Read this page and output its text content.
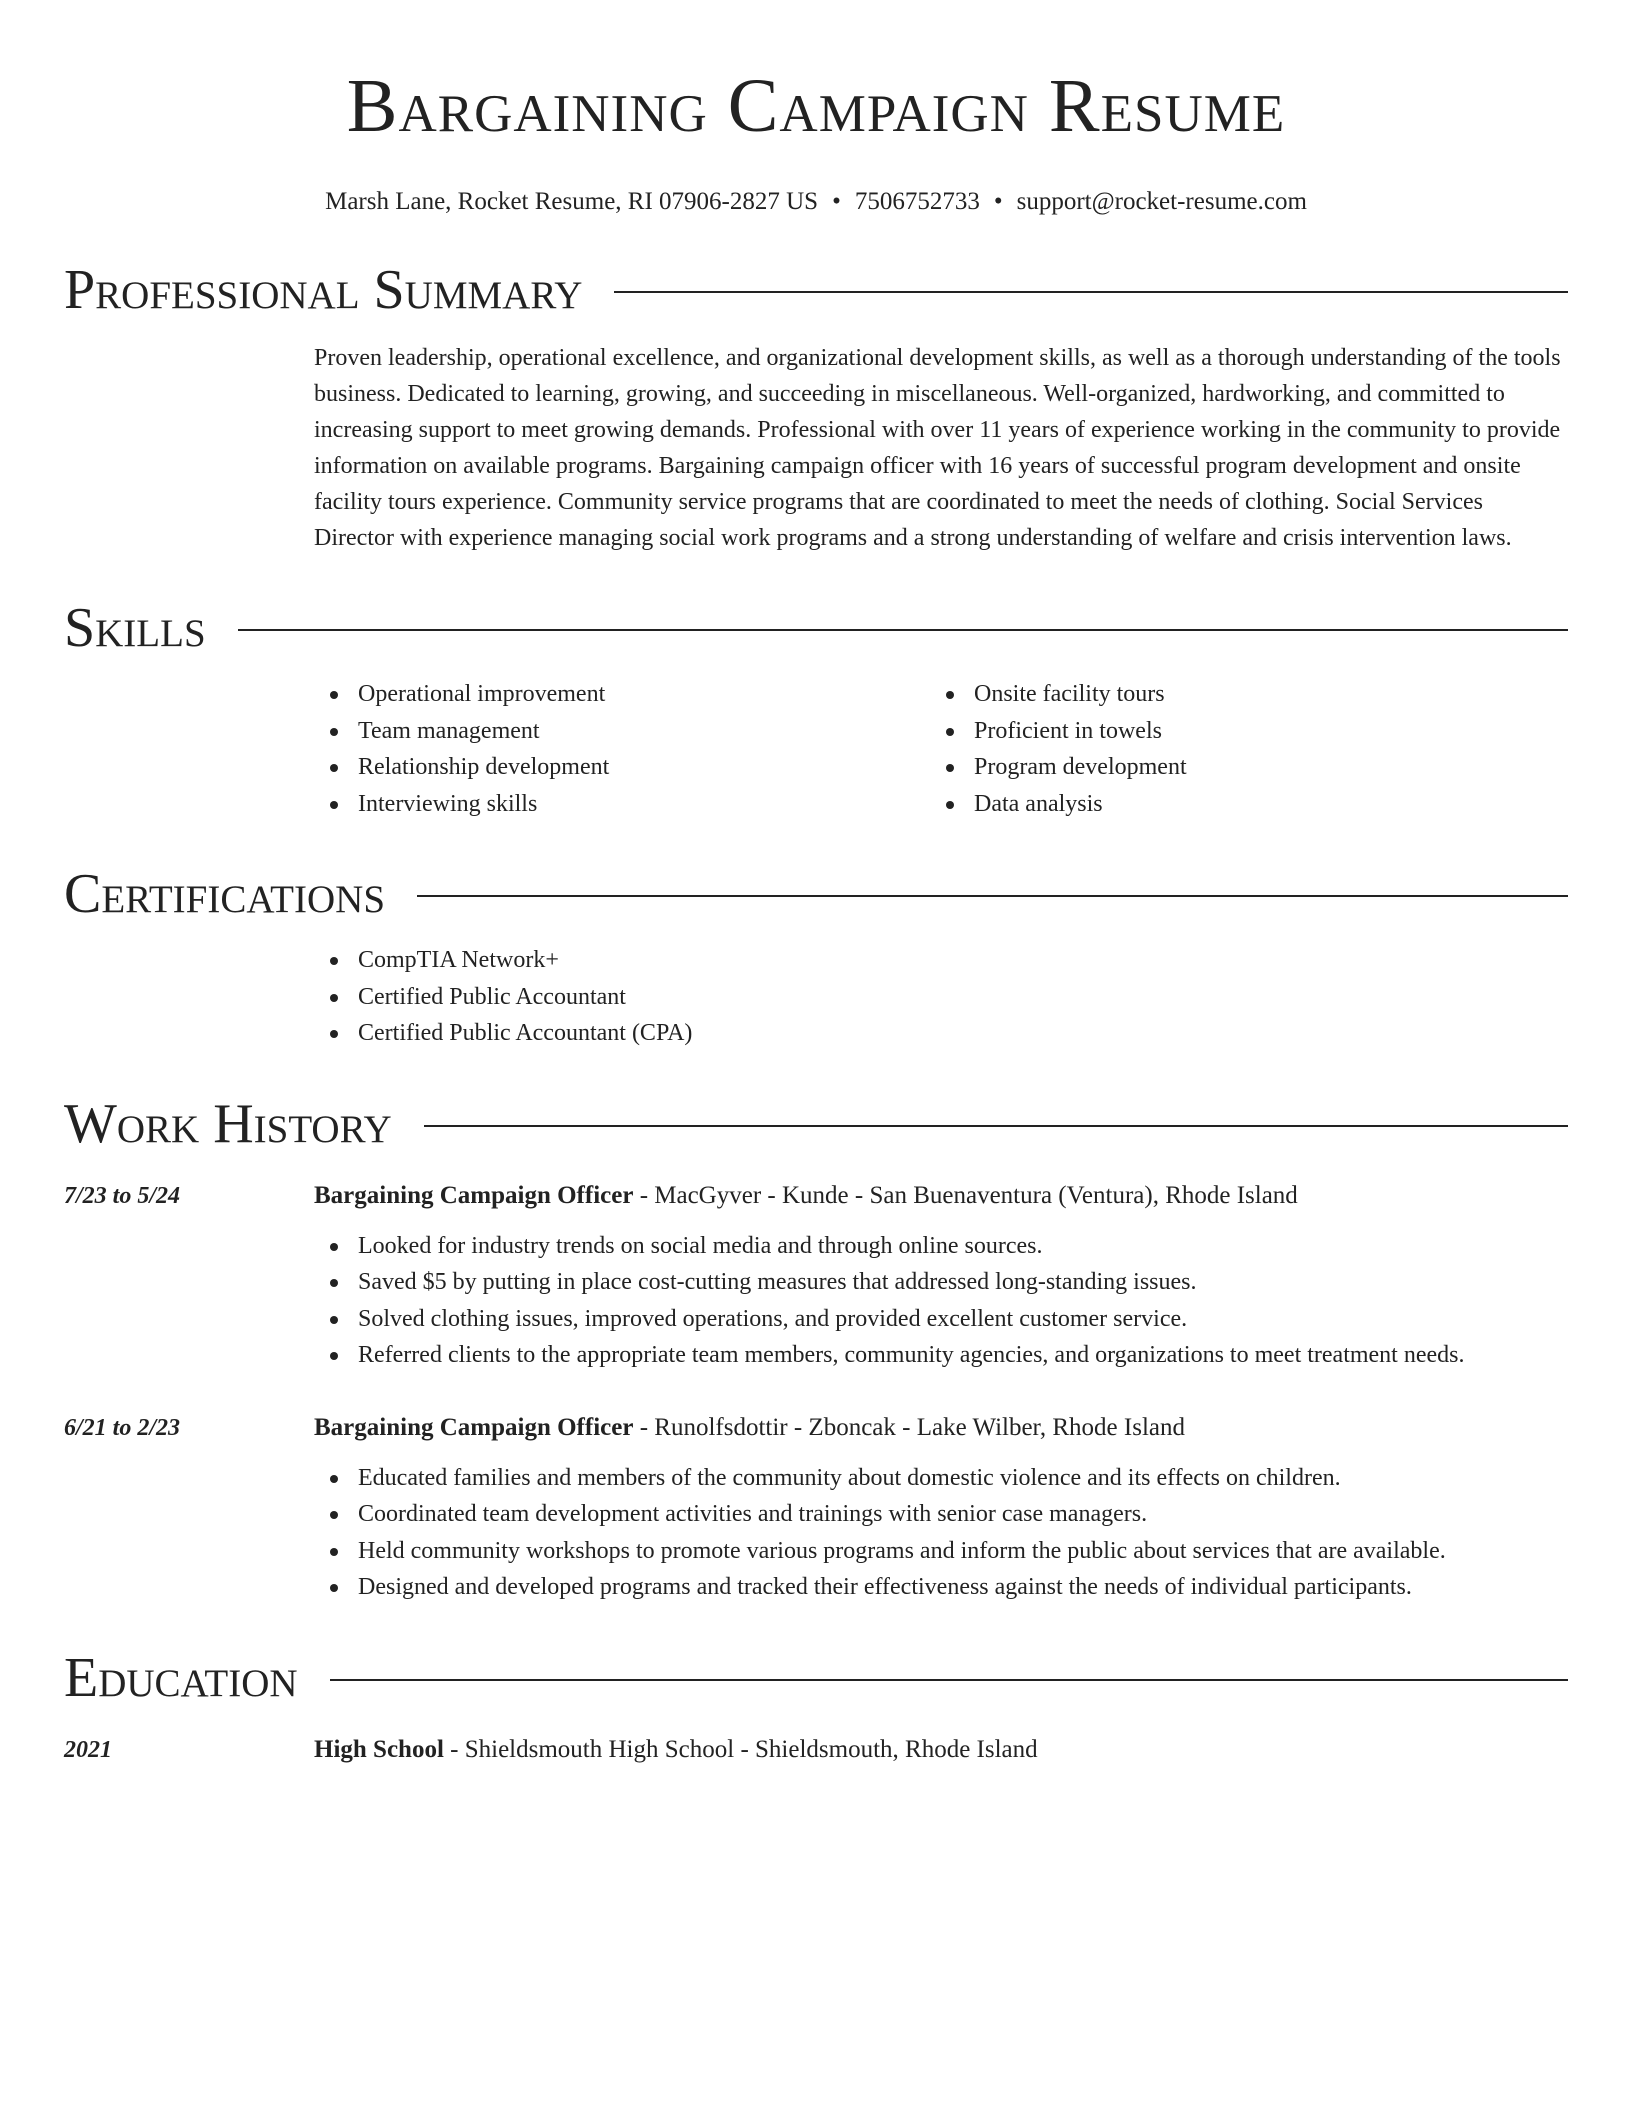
Bargaining Campaign Resume
Marsh Lane, Rocket Resume, RI 07906-2827 US • 7506752733 • support@rocket-resume.com
Professional Summary

Proven leadership, operational excellence, and organizational development skills, as well as a thorough understanding of the tools business. Dedicated to learning, growing, and succeeding in miscellaneous. Well-organized, hardworking, and committed to increasing support to meet growing demands. Professional with over 11 years of experience working in the community to provide information on available programs. Bargaining campaign officer with 16 years of successful program development and onsite facility tours experience. Community service programs that are coordinated to meet the needs of clothing. Social Services Director with experience managing social work programs and a strong understanding of welfare and crisis intervention laws.

Skills
Operational improvement
Team management
Relationship development
Interviewing skills
Onsite facility tours
Proficient in towels
Program development
Data analysis
Certifications
CompTIA Network+
Certified Public Accountant
Certified Public Accountant (CPA)
Work History
7/23 to 5/24	Bargaining Campaign Officer - MacGyver - Kunde - San Buenaventura (Ventura), Rhode Island
Looked for industry trends on social media and through online sources.
Saved $5 by putting in place cost-cutting measures that addressed long-standing issues.
Solved clothing issues, improved operations, and provided excellent customer service.
Referred clients to the appropriate team members, community agencies, and organizations to meet treatment needs.
6/21 to 2/23	Bargaining Campaign Officer - Runolfsdottir - Zboncak - Lake Wilber, Rhode Island
Educated families and members of the community about domestic violence and its effects on children.
Coordinated team development activities and trainings with senior case managers.
Held community workshops to promote various programs and inform the public about services that are available.
Designed and developed programs and tracked their effectiveness against the needs of individual participants.
Education
2021	High School - Shieldsmouth High School - Shieldsmouth, Rhode Island
